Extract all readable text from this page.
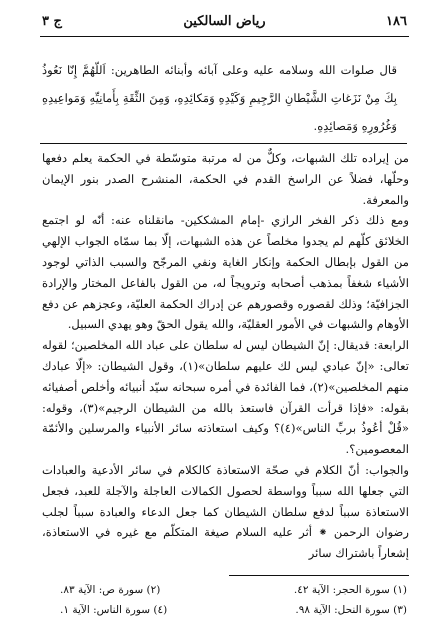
١٨٦
رياض السالكين
ج ٣

قال صلوات الله وسلامه عليه وعلى آبائه وأبنائه الطاهرين: اَللّهُمَّ إِنّا نَعُوذُ بِكَ مِنْ نَزَغاتِ الشَّيْطانِ الرَّجِيمِ وَكَيْدِهِ وَمَكائِدِهِ، وَمِنَ الثِّقَةِ بِأَمانِيِّهِ وَمَواعِيدِهِ وَغُرُورِهِ وَمَصائِدِهِ.

من إيراده تلك الشبهات، وكلٌّ من له مرتبة متوسّطة في الحكمة يعلم دفعها وحلّها، فضلاً عن الراسخ القدم في الحكمة، المنشرح الصدر بنور الإيمان والمعرفة.

ومع ذلك ذكر الفخر الرازي -إمام المشككين- مانقلناه عنه: أنّه لو اجتمع الخلائق كلّهم لم يجدوا مخلصاً عن هذه الشبهات، إلّا بما سمّاه الجواب الإلهي من القول بإبطال الحكمة وإنكار الغاية ونفي المرجّح والسبب الذاتي لوجود الأشياء شغفاً بمذهب أصحابه وترويجاً له، من القول بالفاعل المختار والإرادة الجزافيّة؛ وذلك لقصوره وقصورهم عن إدراك الحكمة العليّة، وعجزهم عن دفع الأوهام والشبهات في الأمور العقليّة، والله يقول الحقّ وهو يهدي السبيل.

الرابعة: قديقال: إنّ الشيطان ليس له سلطان على عباد الله المخلصين؛ لقوله تعالى: «إنّ عبادي ليس لك عليهم سلطان»(١)، وقول الشيطان: «إلّا عبادك منهم المخلصين»(٢)، فما الفائدة في أمره سبحانه سيّد أنبيائه وأخلص أصفيائه بقوله: «فإذا قرأت القرآن فاستعذ بالله من الشيطان الرجيم»(٣)، وقوله: «قُلْ أعُوذُ بربِّ الناس»(٤)؟ وكيف استعاذته سائر الأنبياء والمرسلين والأئمّة المعصومين؟.

والجواب: أنّ الكلام في صحّة الاستعاذة كالكلام في سائر الأدعية والعبادات التي جعلها الله سبباً وواسطة لحصول الكمالات العاجلة والآجلة للعبد، فجعل الاستعاذة سبباً لدفع سلطان الشيطان كما جعل الدعاء والعبادة سبباً لجلب رضوان الرحمن ⁕ أثر عليه السلام صيغة المتكلّم مع غيره في الاستعاذة، إشعاراً باشتراك سائر

(١) سورة الحجر: الآية ٤٢.
(٢) سورة ص: الآية ٨٣.
(٣) سورة النحل: الآية ٩٨.
(٤) سورة الناس: الآية ١.
